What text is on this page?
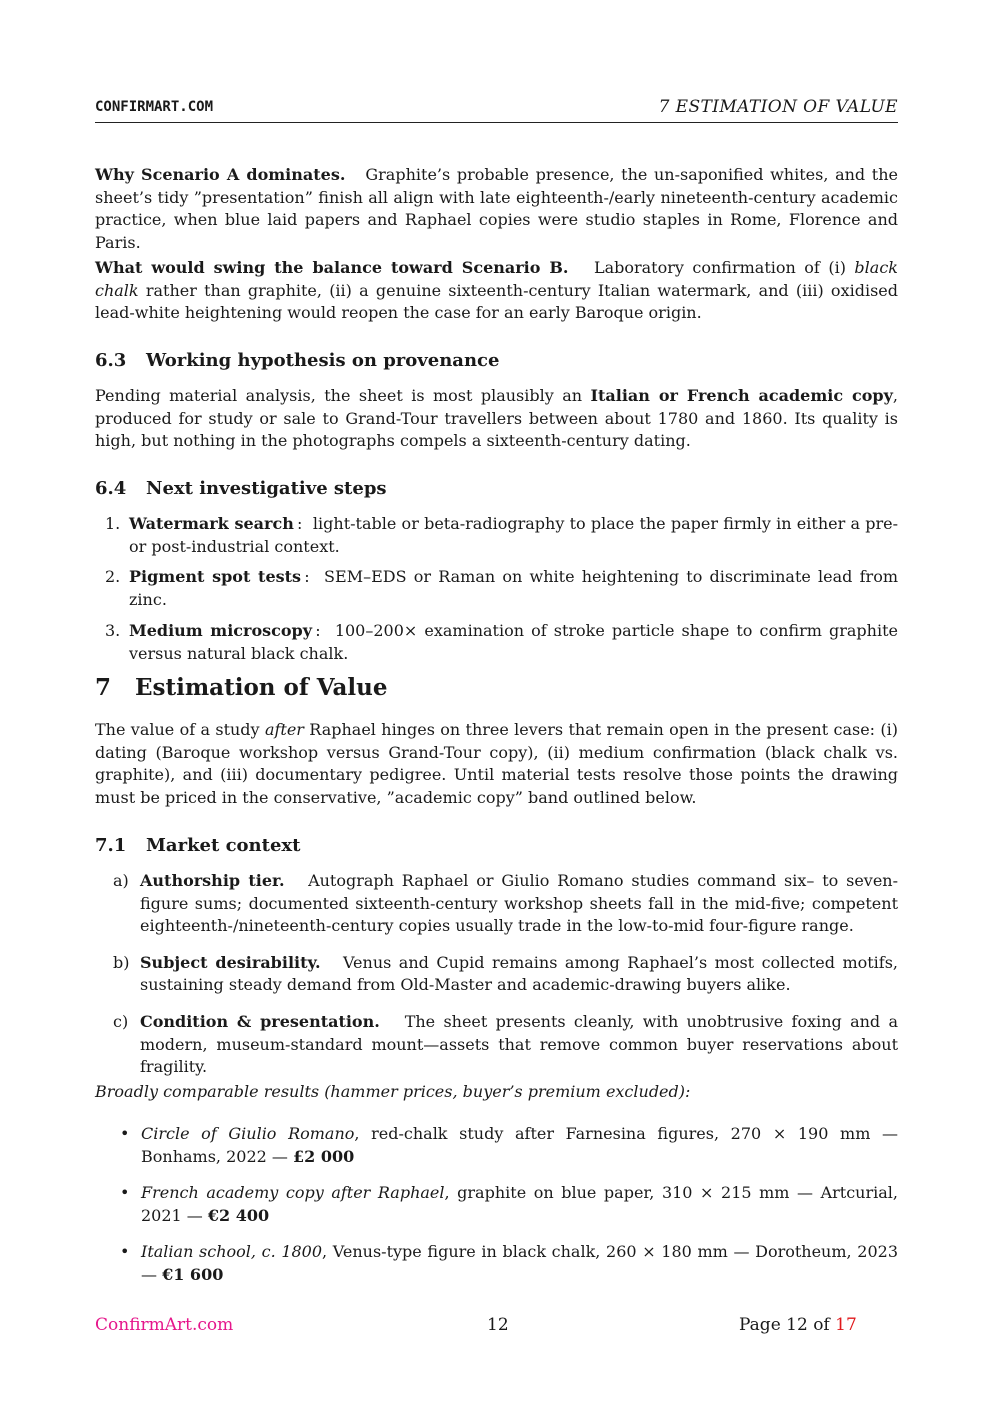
CONFIRMART.COM	7 ESTIMATION OF VALUE

Why Scenario A dominates. Graphite’s probable presence, the un-saponified whites, and the sheet’s tidy ”presentation” finish all align with late eighteenth-/early nineteenth-century academic practice, when blue laid papers and Raphael copies were studio staples in Rome, Florence and Paris.

What would swing the balance toward Scenario B. Laboratory confirmation of (i) black chalk rather than graphite, (ii) a genuine sixteenth-century Italian watermark, and (iii) oxidised lead-white heightening would reopen the case for an early Baroque origin.

6.3 Working hypothesis on provenance

Pending material analysis, the sheet is most plausibly an Italian or French academic copy, produced for study or sale to Grand-Tour travellers between about 1780 and 1860. Its quality is high, but nothing in the photographs compels a sixteenth-century dating.

6.4 Next investigative steps
1. Watermark search :  light-table or beta-radiography to place the paper firmly in either a pre- or post-industrial context.
2. Pigment spot tests :  SEM–EDS or Raman on white heightening to discriminate lead from zinc.
3. Medium microscopy :  100–200× examination of stroke particle shape to confirm graphite versus natural black chalk.
7 Estimation of Value

The value of a study after Raphael hinges on three levers that remain open in the present case: (i) dating (Baroque workshop versus Grand-Tour copy), (ii) medium confirmation (black chalk vs. graphite), and (iii) documentary pedigree. Until material tests resolve those points the drawing must be priced in the conservative, ”academic copy” band outlined below.

7.1 Market context
a) Authorship tier. Autograph Raphael or Giulio Romano studies command six– to seven-figure sums; documented sixteenth-century workshop sheets fall in the mid-five; competent eighteenth-/nineteenth-century copies usually trade in the low-to-mid four-figure range.
b) Subject desirability. Venus and Cupid remains among Raphael’s most collected motifs, sustaining steady demand from Old-Master and academic-drawing buyers alike.
c) Condition & presentation. The sheet presents cleanly, with unobtrusive foxing and a modern, museum-standard mount—assets that remove common buyer reservations about fragility.

Broadly comparable results (hammer prices, buyer’s premium excluded):

• Circle of Giulio Romano, red-chalk study after Farnesina figures, 270 × 190 mm — Bonhams, 2022 — £2 000
• French academy copy after Raphael, graphite on blue paper, 310 × 215 mm — Artcurial, 2021 — €2 400
• Italian school, c. 1800, Venus-type figure in black chalk, 260 × 180 mm — Dorotheum, 2023 — €1 600
ConfirmArt.com	12	Page 12 of 17
